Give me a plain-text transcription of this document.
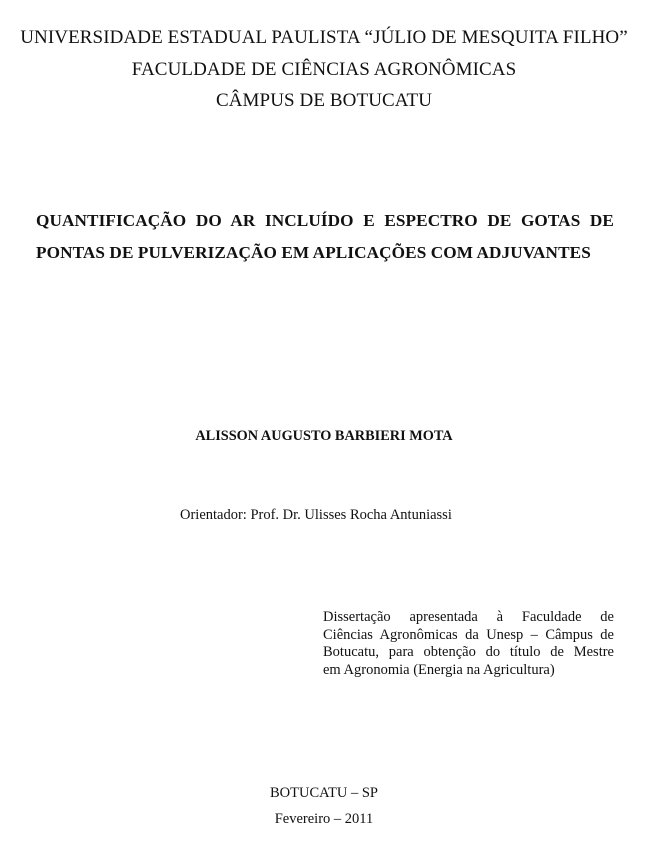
UNIVERSIDADE ESTADUAL PAULISTA “JÚLIO DE MESQUITA FILHO”
FACULDADE DE CIÊNCIAS AGRONÔMICAS
CÂMPUS DE BOTUCATU
QUANTIFICAÇÃO DO AR INCLUÍDO E ESPECTRO DE GOTAS DE
PONTAS DE PULVERIZAÇÃO EM APLICAÇÕES COM ADJUVANTES
ALISSON AUGUSTO BARBIERI MOTA
Orientador: Prof. Dr. Ulisses Rocha Antuniassi
Dissertação apresentada à Faculdade de
Ciências Agronômicas da Unesp – Câmpus de
Botucatu, para obtenção do título de Mestre
em Agronomia (Energia na Agricultura)
BOTUCATU – SP
Fevereiro – 2011
